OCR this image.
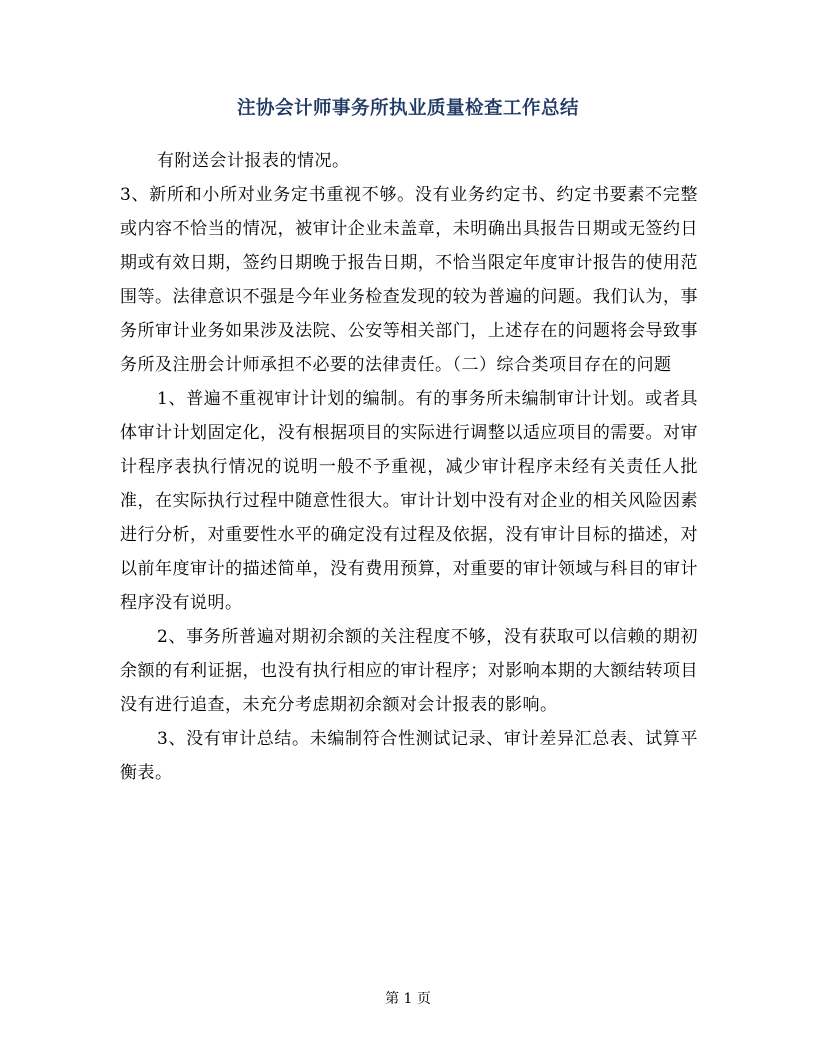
注协会计师事务所执业质量检查工作总结

有附送会计报表的情况。

3、新所和小所对业务定书重视不够。没有业务约定书、约定书要素不完整或内容不恰当的情况，被审计企业未盖章，未明确出具报告日期或无签约日期或有效日期，签约日期晚于报告日期，不恰当限定年度审计报告的使用范围等。法律意识不强是今年业务检查发现的较为普遍的问题。我们认为，事务所审计业务如果涉及法院、公安等相关部门，上述存在的问题将会导致事务所及注册会计师承担不必要的法律责任。（二）综合类项目存在的问题

1、普遍不重视审计计划的编制。有的事务所未编制审计计划。或者具体审计计划固定化，没有根据项目的实际进行调整以适应项目的需要。对审计程序表执行情况的说明一般不予重视，减少审计程序未经有关责任人批准，在实际执行过程中随意性很大。审计计划中没有对企业的相关风险因素进行分析，对重要性水平的确定没有过程及依据，没有审计目标的描述，对以前年度审计的描述简单，没有费用预算，对重要的审计领域与科目的审计程序没有说明。

2、事务所普遍对期初余额的关注程度不够，没有获取可以信赖的期初余额的有利证据，也没有执行相应的审计程序；对影响本期的大额结转项目没有进行追查，未充分考虑期初余额对会计报表的影响。

3、没有审计总结。未编制符合性测试记录、审计差异汇总表、试算平衡表。

第 1 页
